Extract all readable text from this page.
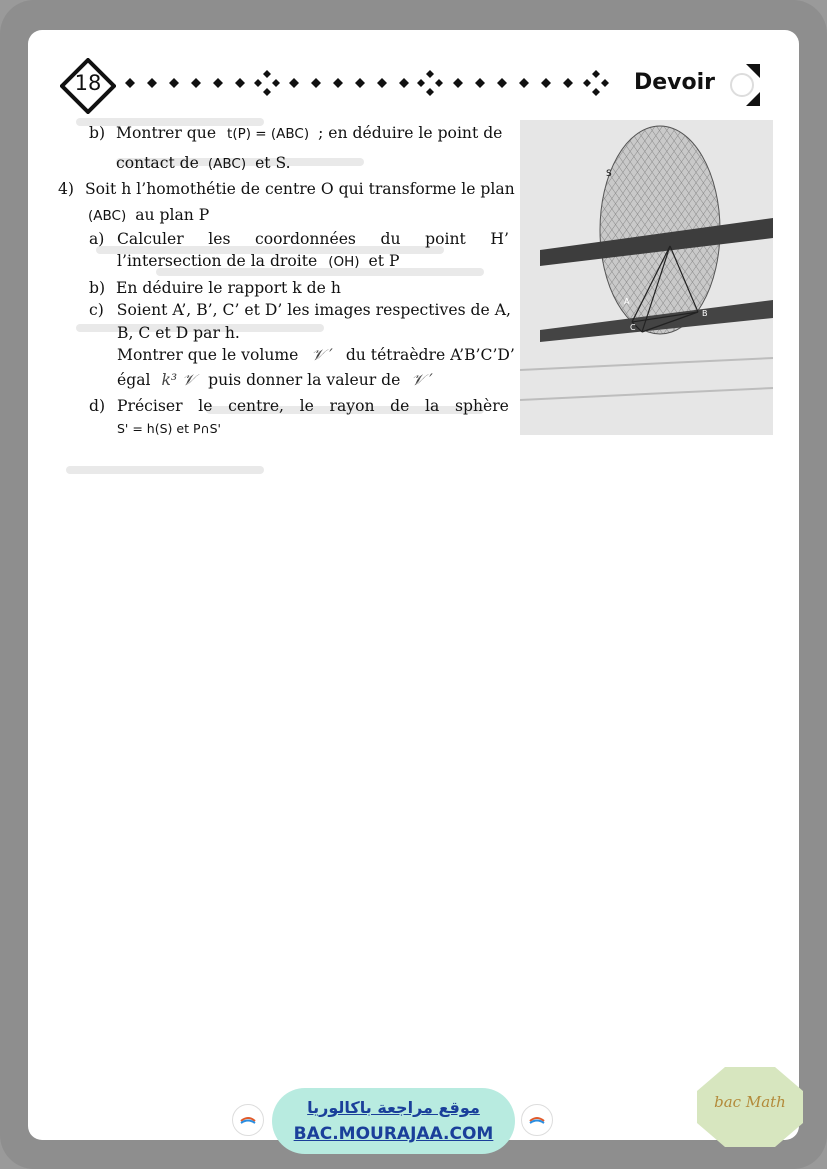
18	Devoir
S
A
B
C
b) Montrer que t(P) = (ABC) ; en déduire le point de
contact de (ABC) et S.
4) Soit h l’homothétie de centre O qui transforme le plan
(ABC) au plan P
a) Calculer les coordonnées du point H’
l’intersection de la droite (OH) et P
b) En déduire le rapport k de h
c) Soient A’, B’, C’ et D’ les images respectives de A,
B, C et D par h.
Montrer que le volume 𝒱 ′ du tétraèdre A’B’C’D’
égal k³ 𝒱 puis donner la valeur de 𝒱 ′
d) Préciser le centre, le rayon de la sphère
S' = h(S) et P∩S'
موقع مراجعة باكالوريا
BAC.MOURAJAA.COM
bac Math
